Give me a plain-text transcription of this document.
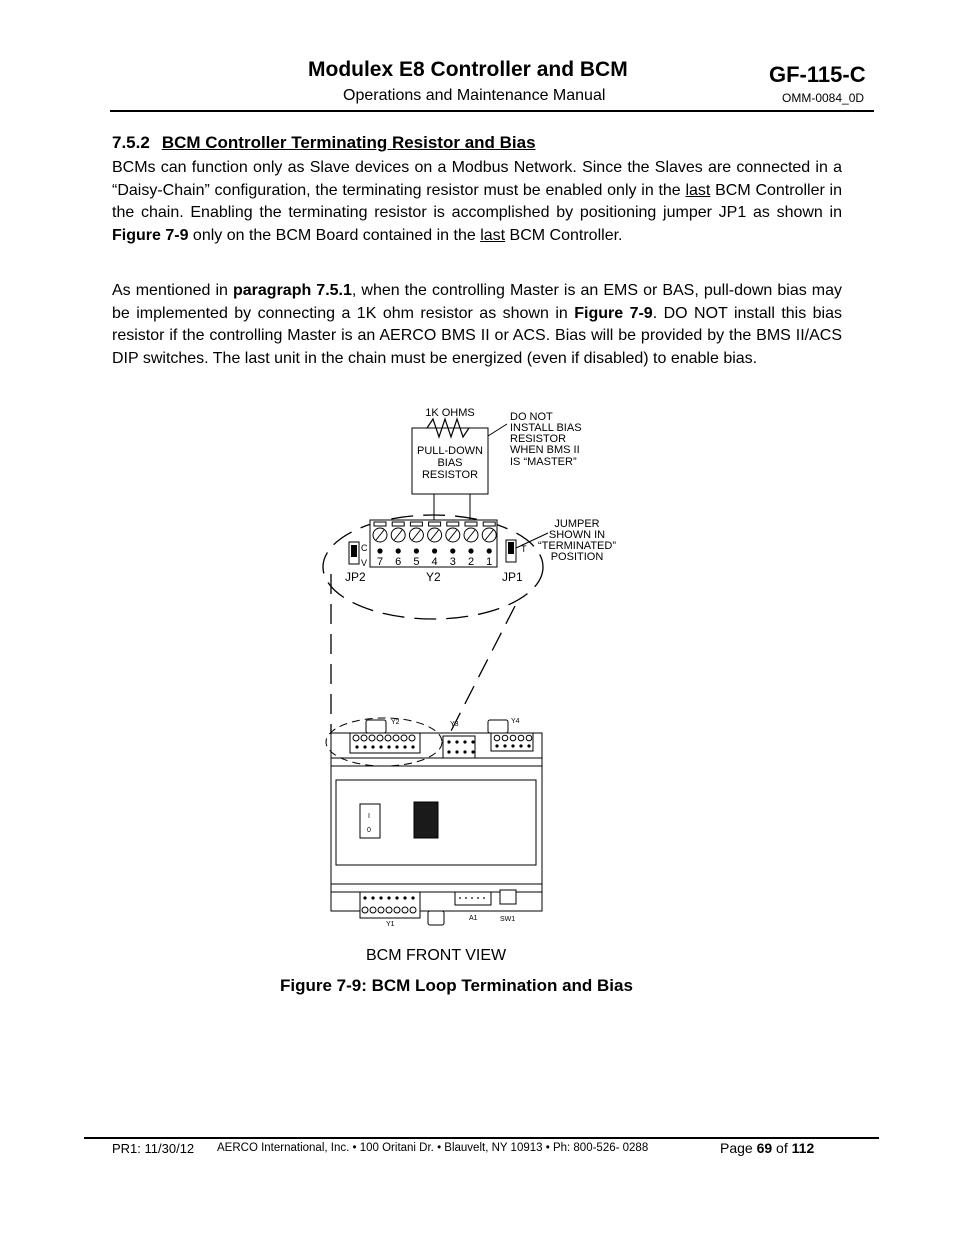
Modulex E8 Controller and BCM
Operations and Maintenance Manual
GF-115-C
OMM-0084_0D
7.5.2 BCM Controller Terminating Resistor and Bias
BCMs can function only as Slave devices on a Modbus Network. Since the Slaves are connected in a “Daisy-Chain” configuration, the terminating resistor must be enabled only in the last BCM Controller in the chain. Enabling the terminating resistor is accomplished by positioning jumper JP1 as shown in Figure 7-9 only on the BCM Board contained in the last BCM Controller.
As mentioned in paragraph 7.5.1, when the controlling Master is an EMS or BAS, pull-down bias may be implemented by connecting a 1K ohm resistor as shown in Figure 7-9. DO NOT install this bias resistor if the controlling Master is an AERCO BMS II or ACS. Bias will be provided by the BMS II/ACS DIP switches. The last unit in the chain must be energized (even if disabled) to enable bias.
7 6 5 4 3 2 1
1K OHMS
PULL-DOWN
BIAS
RESISTOR
DO NOT
INSTALL BIAS
RESISTOR
WHEN BMS II
IS “MASTER”
JUMPER
SHOWN IN
“TERMINATED”
POSITION
C
V
T
JP2	Y2	JP1
Y2	Y3	Y4
Y1
A1	SW1
I
0
BCM FRONT VIEW
Figure 7-9: BCM Loop Termination and Bias
PR1: 11/30/12 AERCO International, Inc. • 100 Oritani Dr. • Blauvelt, NY 10913 • Ph: 800-526- 0288	Page 69 of 112
